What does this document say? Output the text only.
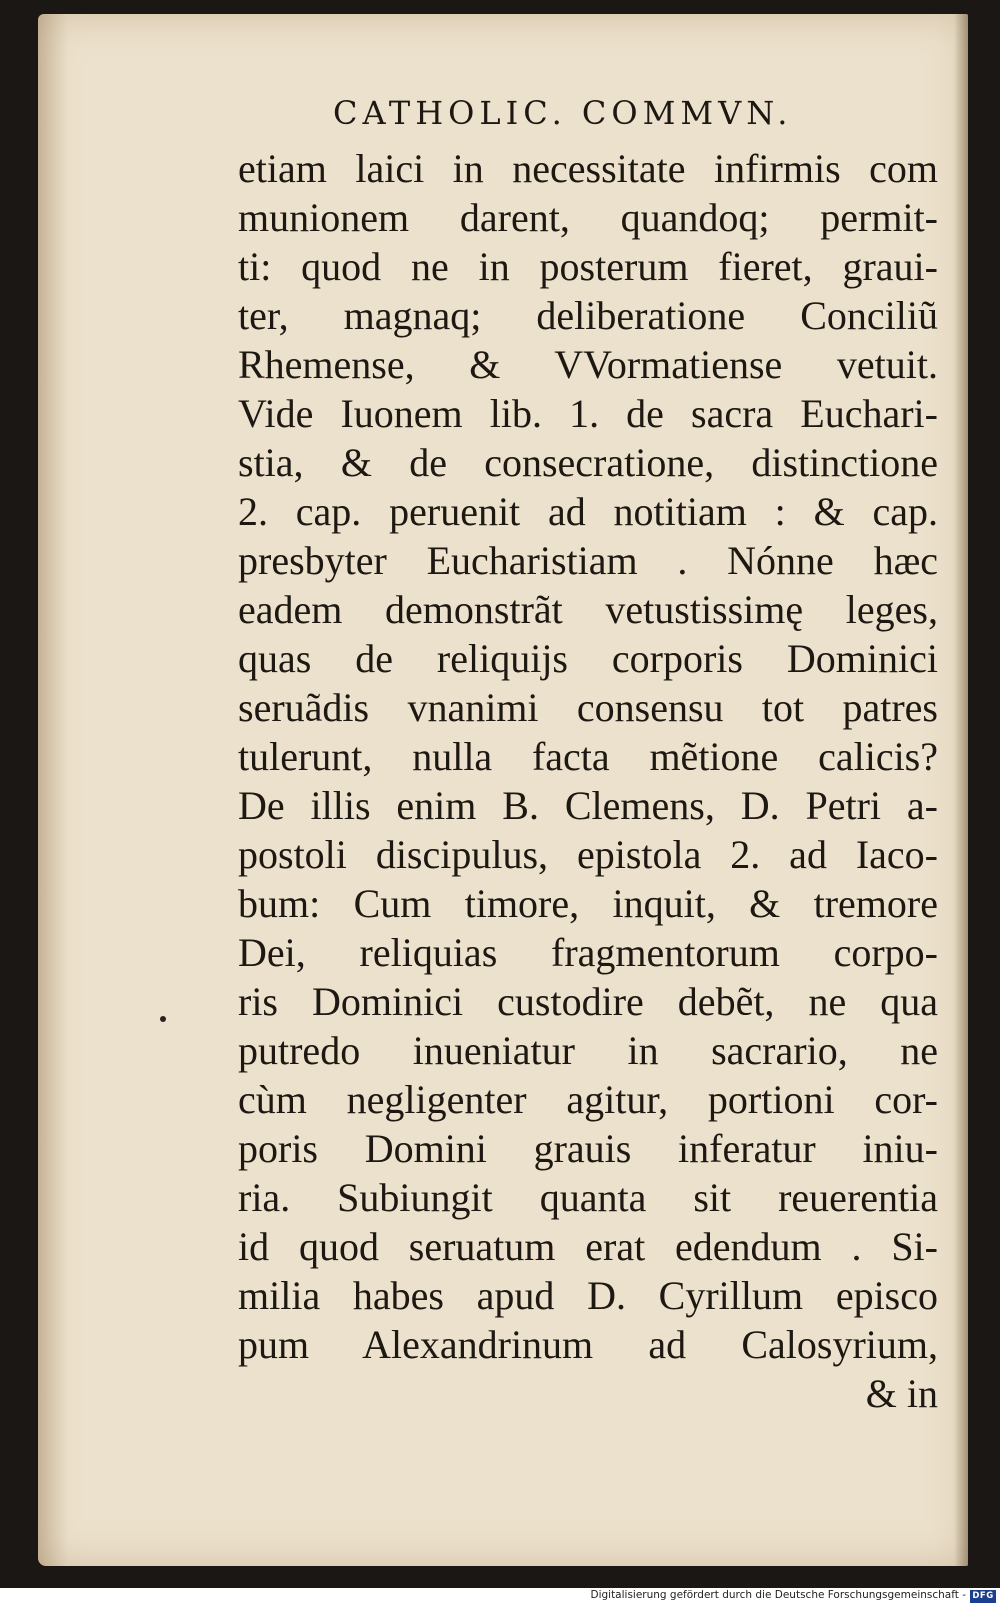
CATHOLIC. COMMVN.
etiam laici in necessitate infirmis com
munionem darent, quandoq; permit-
ti: quod ne in posterum fieret, graui-
ter, magnaq; deliberatione Conciliũ
Rhemense, & VVormatiense vetuit.
Vide Iuonem lib. 1. de sacra Euchari-
stia, & de consecratione, distinctione
2. cap. peruenit ad notitiam : & cap.
presbyter Eucharistiam . Nónne hæc
eadem demonstrãt vetustissimę leges,
quas de reliquijs corporis Dominici
seruãdis vnanimi consensu tot patres
tulerunt, nulla facta mẽtione calicis?
De illis enim B. Clemens, D. Petri a-
postoli discipulus, epistola 2. ad Iaco-
bum: Cum timore, inquit, & tremore
Dei, reliquias fragmentorum corpo-
ris Dominici custodire debẽt, ne qua
putredo inueniatur in sacrario, ne
cùm negligenter agitur, portioni cor-
poris Domini grauis inferatur iniu-
ria. Subiungit quanta sit reuerentia
id quod seruatum erat edendum . Si-
milia habes apud D. Cyrillum episco
pum Alexandrinum ad Calosyrium,
& in
Digitalisierung gefördert durch die Deutsche Forschungsgemeinschaft - DFG
